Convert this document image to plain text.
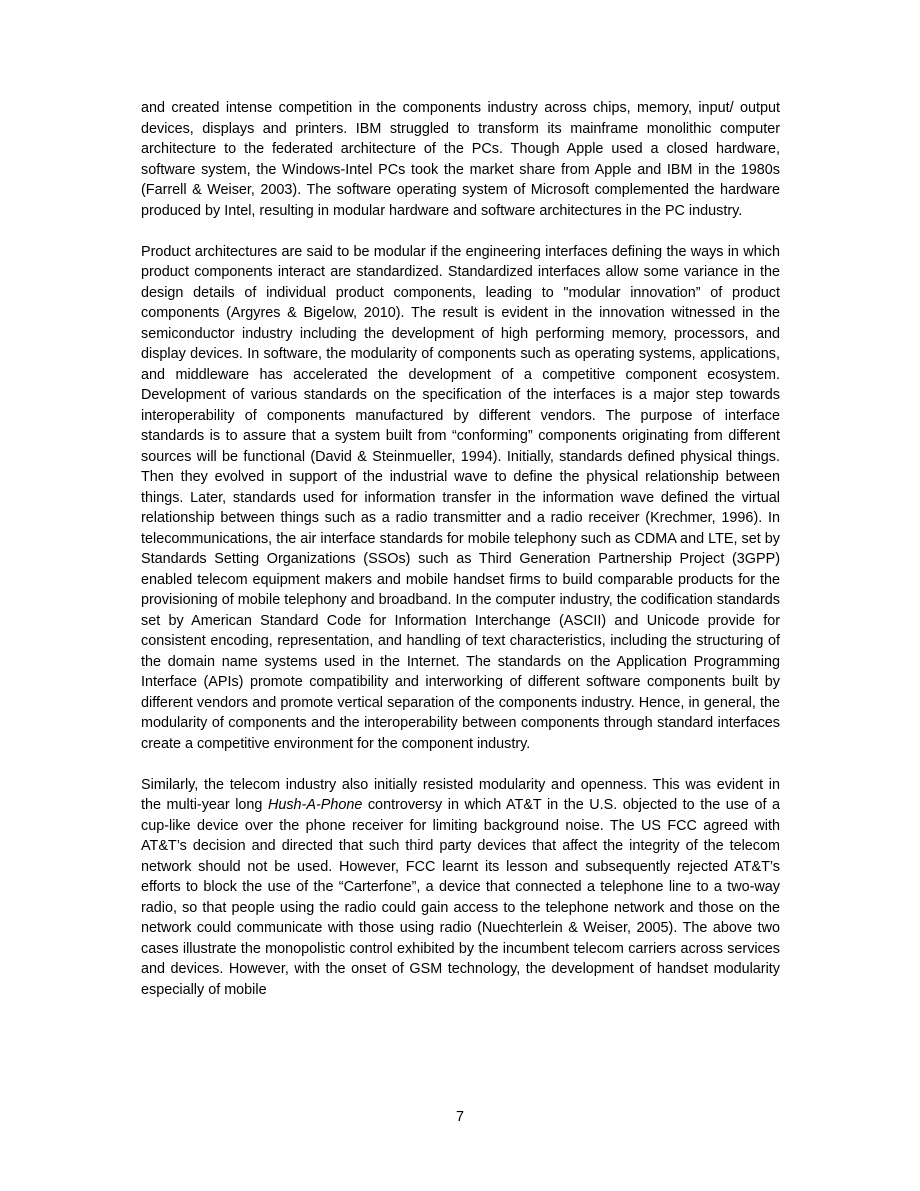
and created intense competition in the components industry across chips, memory, input/ output devices, displays and printers. IBM struggled to transform its mainframe monolithic computer architecture to the federated architecture of the PCs. Though Apple used a closed hardware, software system, the Windows-Intel PCs took the market share from Apple and IBM in the 1980s (Farrell & Weiser, 2003). The software operating system of Microsoft complemented the hardware produced by Intel, resulting in modular hardware and software architectures in the PC industry.

Product architectures are said to be modular if the engineering interfaces defining the ways in which product components interact are standardized. Standardized interfaces allow some variance in the design details of individual product components, leading to "modular innovation” of product components (Argyres & Bigelow, 2010). The result is evident in the innovation witnessed in the semiconductor industry including the development of high performing memory, processors, and display devices. In software, the modularity of components such as operating systems, applications, and middleware has accelerated the development of a competitive component ecosystem. Development of various standards on the specification of the interfaces is a major step towards interoperability of components manufactured by different vendors. The purpose of interface standards is to assure that a system built from “conforming” components originating from different sources will be functional (David & Steinmueller, 1994). Initially, standards defined physical things. Then they evolved in support of the industrial wave to define the physical relationship between things. Later, standards used for information transfer in the information wave defined the virtual relationship between things such as a radio transmitter and a radio receiver (Krechmer, 1996). In telecommunications, the air interface standards for mobile telephony such as CDMA and LTE, set by Standards Setting Organizations (SSOs) such as Third Generation Partnership Project (3GPP) enabled telecom equipment makers and mobile handset firms to build comparable products for the provisioning of mobile telephony and broadband. In the computer industry, the codification standards set by American Standard Code for Information Interchange (ASCII) and Unicode provide for consistent encoding, representation, and handling of text characteristics, including the structuring of the domain name systems used in the Internet. The standards on the Application Programming Interface (APIs) promote compatibility and interworking of different software components built by different vendors and promote vertical separation of the components industry. Hence, in general, the modularity of components and the interoperability between components through standard interfaces create a competitive environment for the component industry.

Similarly, the telecom industry also initially resisted modularity and openness. This was evident in the multi-year long Hush-A-Phone controversy in which AT&T in the U.S. objected to the use of a cup-like device over the phone receiver for limiting background noise. The US FCC agreed with AT&T’s decision and directed that such third party devices that affect the integrity of the telecom network should not be used. However, FCC learnt its lesson and subsequently rejected AT&T’s efforts to block the use of the “Carterfone”, a device that connected a telephone line to a two-way radio, so that people using the radio could gain access to the telephone network and those on the network could communicate with those using radio (Nuechterlein & Weiser, 2005). The above two cases illustrate the monopolistic control exhibited by the incumbent telecom carriers across services and devices. However, with the onset of GSM technology, the development of handset modularity especially of mobile

7
